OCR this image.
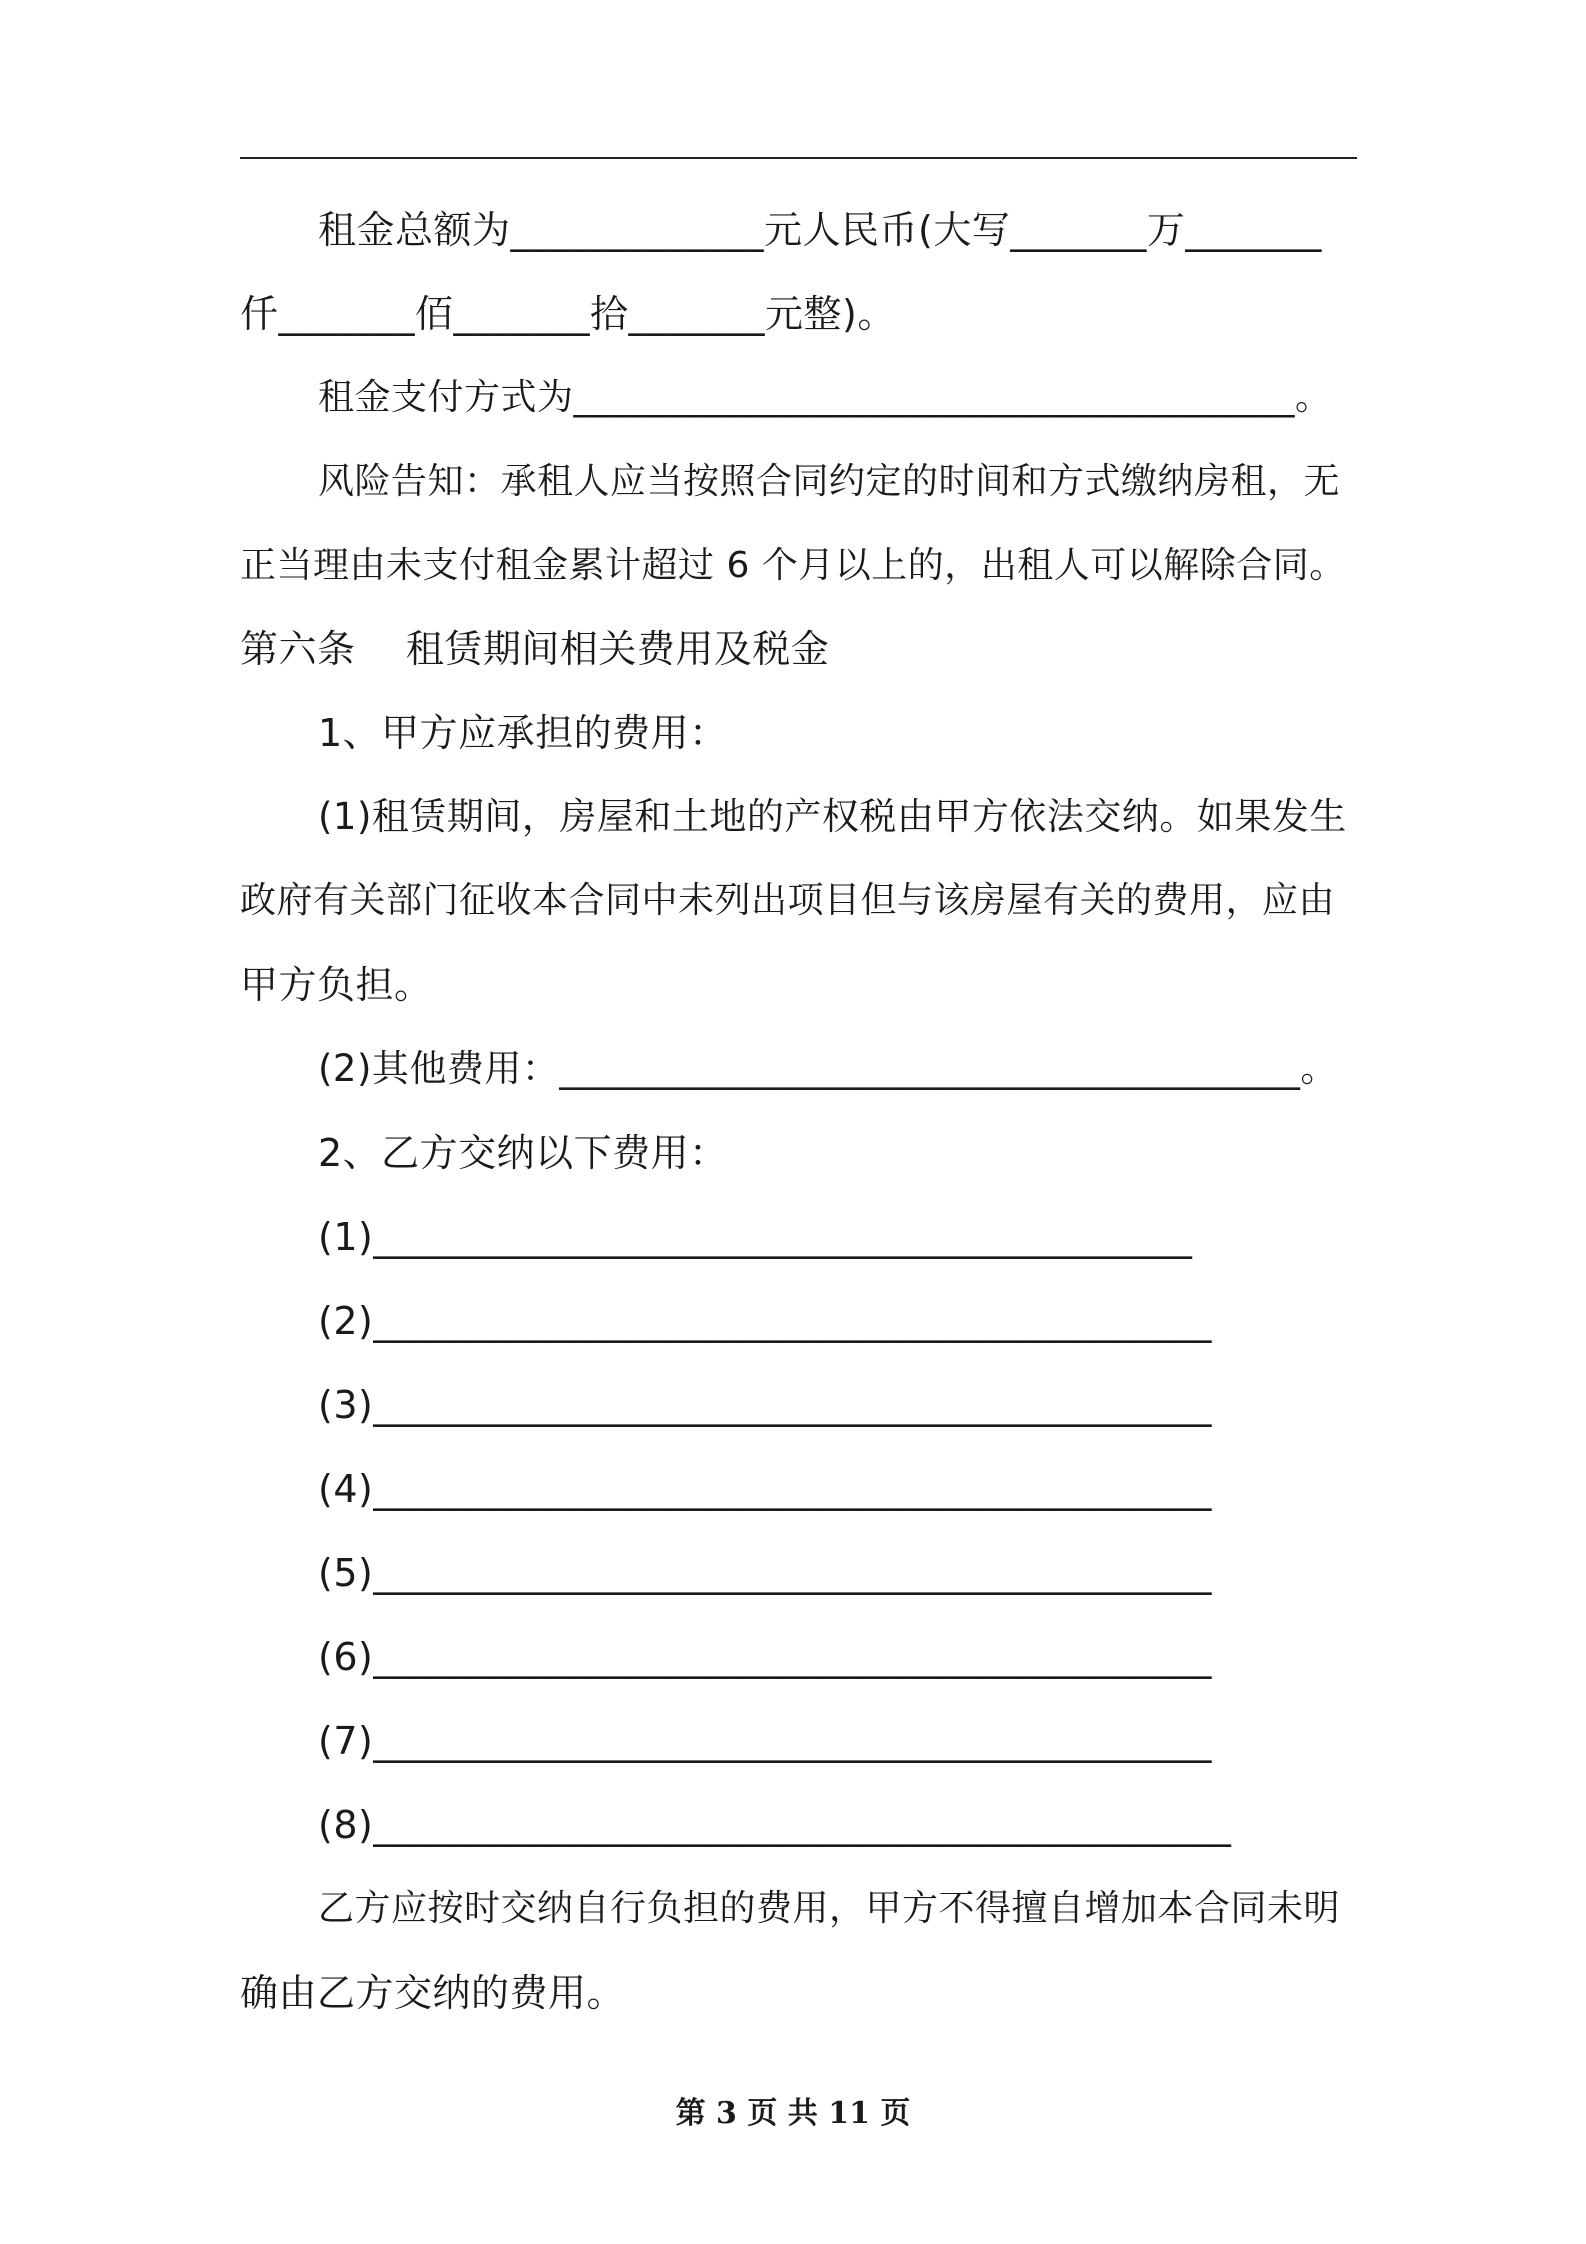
租金总额为_____________元人民币(大写_______万_______
仟_______佰_______拾_______元整)。
租金支付方式为_______________________________________。
风险告知：承租人应当按照合同约定的时间和方式缴纳房租，无
正当理由未支付租金累计超过 6 个月以上的，出租人可以解除合同。
第六条    租赁期间相关费用及税金
1、甲方应承担的费用：
(1)租赁期间，房屋和土地的产权税由甲方依法交纳。如果发生
政府有关部门征收本合同中未列出项目但与该房屋有关的费用，应由
甲方负担。
(2)其他费用：_______________________________________。
2、乙方交纳以下费用：
(1)__________________________________________
(2)___________________________________________
(3)___________________________________________
(4)___________________________________________
(5)___________________________________________
(6)___________________________________________
(7)___________________________________________
(8)____________________________________________
乙方应按时交纳自行负担的费用，甲方不得擅自增加本合同未明
确由乙方交纳的费用。
第 3 页 共 11 页
